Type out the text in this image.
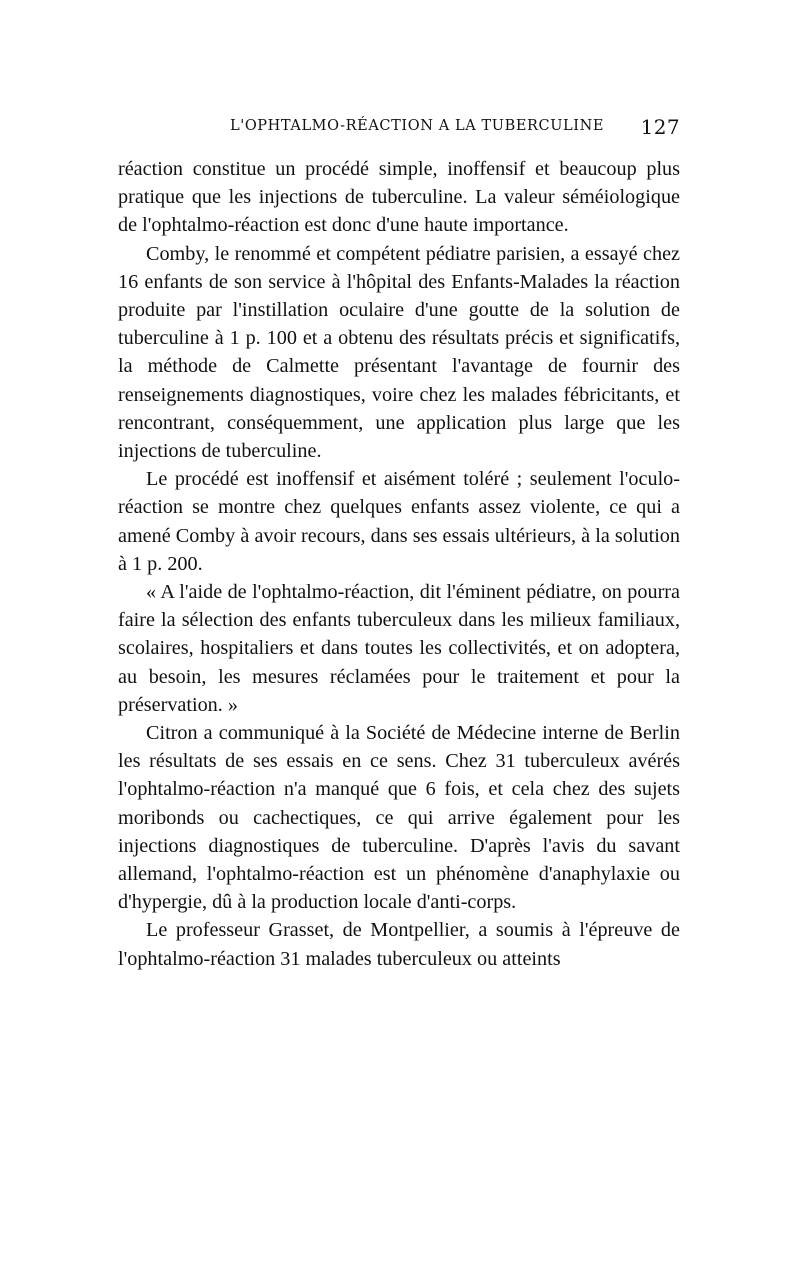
L'OPHTALMO-RÉACTION A LA TUBERCULINE 127

réaction constitue un procédé simple, inoffensif et beaucoup plus pratique que les injections de tuberculine. La valeur séméiologique de l'ophtalmo-réaction est donc d'une haute importance.

Comby, le renommé et compétent pédiatre parisien, a essayé chez 16 enfants de son service à l'hôpital des Enfants-Malades la réaction produite par l'instillation oculaire d'une goutte de la solution de tuberculine à 1 p. 100 et a obtenu des résultats précis et significatifs, la méthode de Calmette présentant l'avantage de fournir des renseignements diagnostiques, voire chez les malades fébricitants, et rencontrant, conséquemment, une application plus large que les injections de tuberculine.

Le procédé est inoffensif et aisément toléré ; seulement l'oculo-réaction se montre chez quelques enfants assez violente, ce qui a amené Comby à avoir recours, dans ses essais ultérieurs, à la solution à 1 p. 200.

« A l'aide de l'ophtalmo-réaction, dit l'éminent pédiatre, on pourra faire la sélection des enfants tuberculeux dans les milieux familiaux, scolaires, hospitaliers et dans toutes les collectivités, et on adoptera, au besoin, les mesures réclamées pour le traitement et pour la préservation. »

Citron a communiqué à la Société de Médecine interne de Berlin les résultats de ses essais en ce sens. Chez 31 tuberculeux avérés l'ophtalmo-réaction n'a manqué que 6 fois, et cela chez des sujets moribonds ou cachectiques, ce qui arrive également pour les injections diagnostiques de tuberculine. D'après l'avis du savant allemand, l'ophtalmo-réaction est un phénomène d'anaphylaxie ou d'hypergie, dû à la production locale d'anti-corps.

Le professeur Grasset, de Montpellier, a soumis à l'épreuve de l'ophtalmo-réaction 31 malades tuberculeux ou atteints
